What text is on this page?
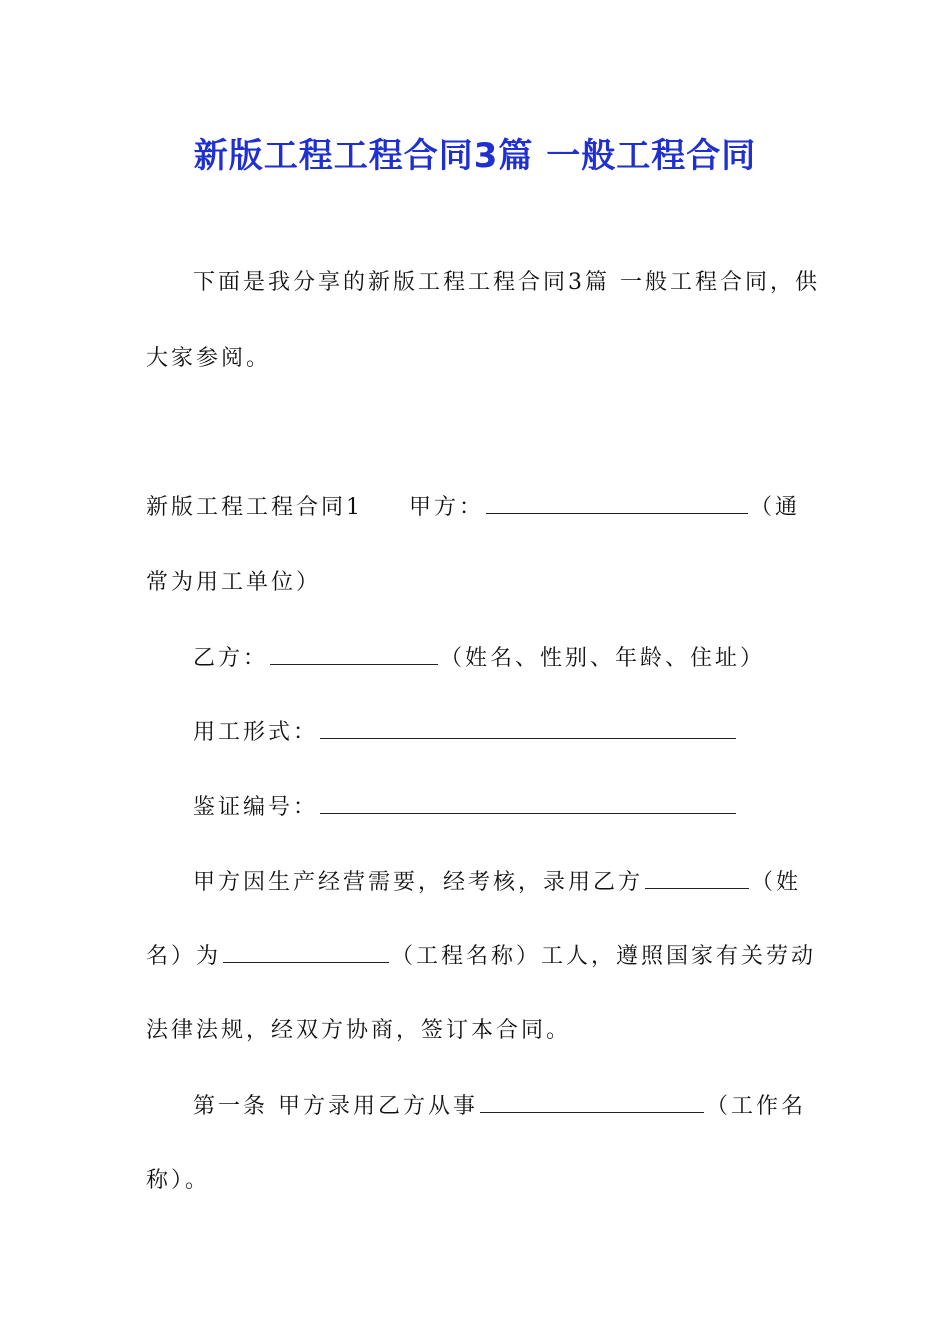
新版工程工程合同3篇 一般工程合同
下面是我分享的新版工程工程合同3篇 一般工程合同，供
大家参阅。
新版工程工程合同1 甲方：	（通
常为用工单位）
乙方：	（姓名、性别、年龄、住址）
用工形式：
鉴证编号：
甲方因生产经营需要，经考核，录用乙方	（姓
名）为	（工程名称）工人，遵照国家有关劳动
法律法规，经双方协商，签订本合同。
第一条 甲方录用乙方从事	（工作名
称）。
